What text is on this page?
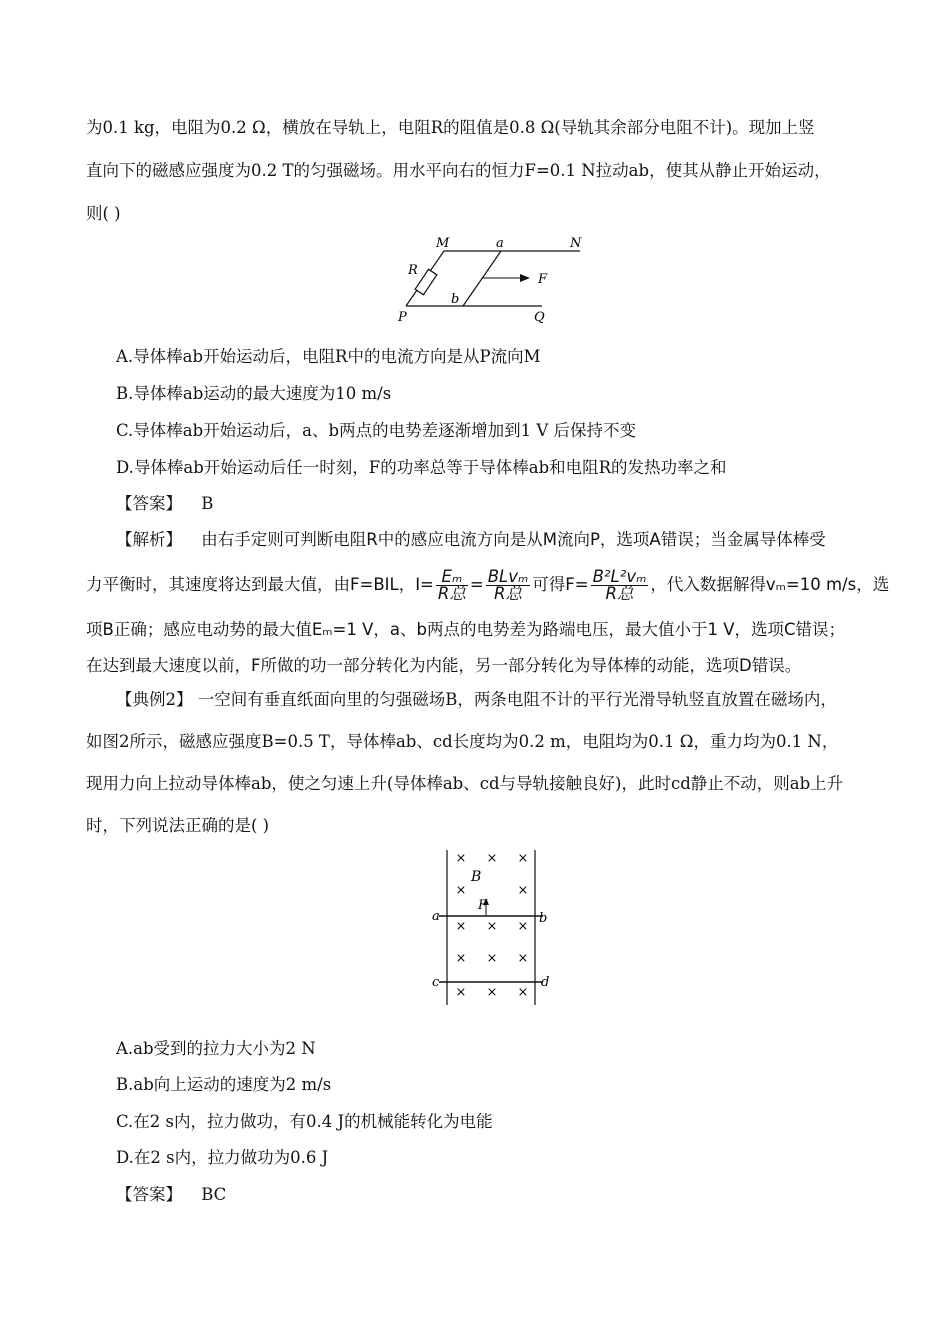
为0.1 kg，电阻为0.2 Ω，横放在导轨上，电阻R的阻值是0.8 Ω(导轨其余部分电阻不计)。现加上竖
直向下的磁感应强度为0.2 T的匀强磁场。用水平向右的恒力F=0.1 N拉动ab，使其从静止开始运动，
则( )
M	a	N
R
F
b
P	Q
A.导体棒ab开始运动后，电阻R中的电流方向是从P流向M
B.导体棒ab运动的最大速度为10 m/s
C.导体棒ab开始运动后，a、b两点的电势差逐渐增加到1 V 后保持不变
D.导体棒ab开始运动后任一时刻，F的功率总等于导体棒ab和电阻R的发热功率之和
【答案】 B
【解析】 由右手定则可判断电阻R中的感应电流方向是从M流向P，选项A错误；当金属导体棒受
力平衡时，其速度将达到最大值，由F=BIL，$I= \frac{\text{Eₘ}}{\text{R总}} = \frac{\text{BLvₘ}}{\text{R总}}$ 可得$F= \frac{\text{B²L²vₘ}}{\text{R总}}$ ，代入数据解得vₘ=10 m/s，选
项B正确；感应电动势的最大值Eₘ=1 V，a、b两点的电势差为路端电压，最大值小于1 V，选项C错误；
在达到最大速度以前，F所做的功一部分转化为内能，另一部分转化为导体棒的动能，选项D错误。
【典例2】 一空间有垂直纸面向里的匀强磁场B，两条电阻不计的平行光滑导轨竖直放置在磁场内，
如图2所示，磁感应强度B=0.5 T，导体棒ab、cd长度均为0.2 m，电阻均为0.1 Ω，重力均为0.1 N，
现用力向上拉动导体棒ab，使之匀速上升(导体棒ab、cd与导轨接触良好)，此时cd静止不动，则ab上升
时，下列说法正确的是( )
× × ×
×	×
× × ×
× × ×
× × ×
B
F
a	b
c	d
A.ab受到的拉力大小为2 N
B.ab向上运动的速度为2 m/s
C.在2 s内，拉力做功，有0.4 J的机械能转化为电能
D.在2 s内，拉力做功为0.6 J
【答案】 BC
